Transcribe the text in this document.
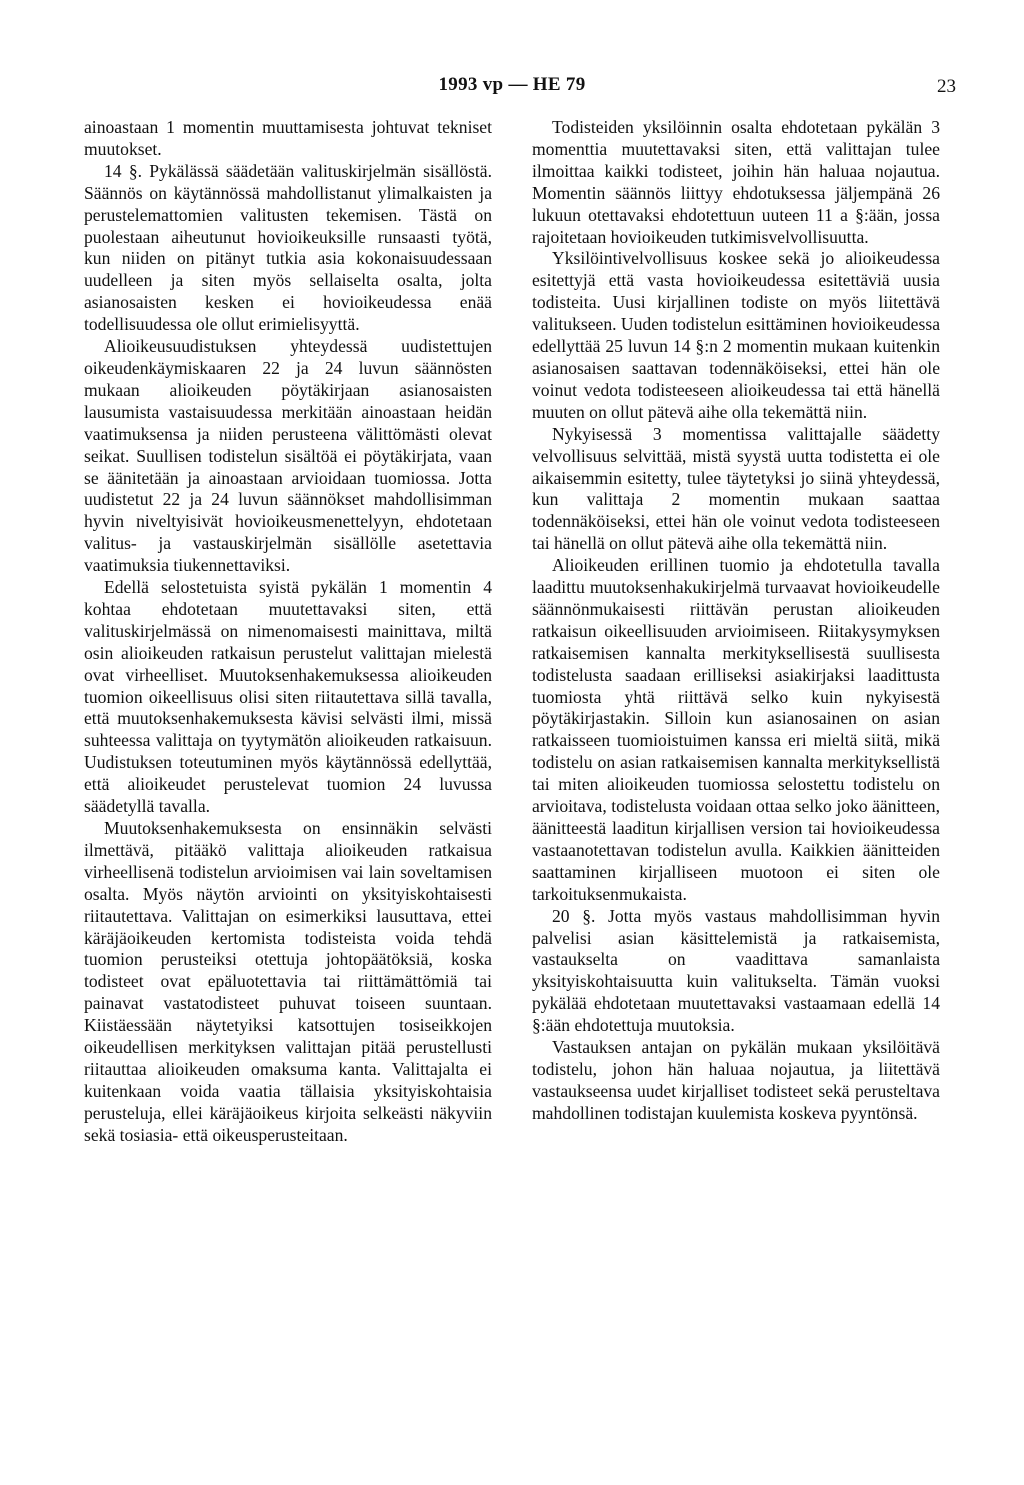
1993 vp — HE 79	23

ainoastaan 1 momentin muuttamisesta johtuvat tekniset muutokset.

14 §. Pykälässä säädetään valituskirjelmän sisällöstä. Säännös on käytännössä mahdollistanut ylimalkaisten ja perustelemattomien valitusten tekemisen. Tästä on puolestaan aiheutunut hovioikeuksille runsaasti työtä, kun niiden on pitänyt tutkia asia kokonaisuudessaan uudelleen ja siten myös sellaiselta osalta, jolta asianosaisten kesken ei hovioikeudessa enää todellisuudessa ole ollut erimielisyyttä.

Alioikeusuudistuksen yhteydessä uudistettujen oikeudenkäymiskaaren 22 ja 24 luvun säännösten mukaan alioikeuden pöytäkirjaan asianosaisten lausumista vastaisuudessa merkitään ainoastaan heidän vaatimuksensa ja niiden perusteena välittömästi olevat seikat. Suullisen todistelun sisältöä ei pöytäkirjata, vaan se äänitetään ja ainoastaan arvioidaan tuomiossa. Jotta uudistetut 22 ja 24 luvun säännökset mahdollisimman hyvin niveltyisivät hovioikeusmenettelyyn, ehdotetaan valitus- ja vastauskirjelmän sisällölle asetettavia vaatimuksia tiukennettaviksi.

Edellä selostetuista syistä pykälän 1 momentin 4 kohtaa ehdotetaan muutettavaksi siten, että valituskirjelmässä on nimenomaisesti mainittava, miltä osin alioikeuden ratkaisun perustelut valittajan mielestä ovat virheelliset. Muutoksenhakemuksessa alioikeuden tuomion oikeellisuus olisi siten riitautettava sillä tavalla, että muutoksenhakemuksesta kävisi selvästi ilmi, missä suhteessa valittaja on tyytymätön alioikeuden ratkaisuun. Uudistuksen toteutuminen myös käytännössä edellyttää, että alioikeudet perustelevat tuomion 24 luvussa säädetyllä tavalla.

Muutoksenhakemuksesta on ensinnäkin selvästi ilmettävä, pitääkö valittaja alioikeuden ratkaisua virheellisenä todistelun arvioimisen vai lain soveltamisen osalta. Myös näytön arviointi on yksityiskohtaisesti riitautettava. Valittajan on esimerkiksi lausuttava, ettei käräjäoikeuden kertomista todisteista voida tehdä tuomion perusteiksi otettuja johtopäätöksiä, koska todisteet ovat epäluotettavia tai riittämättömiä tai painavat vastatodisteet puhuvat toiseen suuntaan. Kiistäessään näytetyiksi katsottujen tosiseikkojen oikeudellisen merkityksen valittajan pitää perustellusti riitauttaa alioikeuden omaksuma kanta. Valittajalta ei kuitenkaan voida vaatia tällaisia yksityiskohtaisia perusteluja, ellei käräjäoikeus kirjoita selkeästi näkyviin sekä tosiasia- että oikeusperusteitaan.

Todisteiden yksilöinnin osalta ehdotetaan pykälän 3 momenttia muutettavaksi siten, että valittajan tulee ilmoittaa kaikki todisteet, joihin hän haluaa nojautua. Momentin säännös liittyy ehdotuksessa jäljempänä 26 lukuun otettavaksi ehdotettuun uuteen 11 a §:ään, jossa rajoitetaan hovioikeuden tutkimisvelvollisuutta.

Yksilöintivelvollisuus koskee sekä jo alioikeudessa esitettyjä että vasta hovioikeudessa esitettäviä uusia todisteita. Uusi kirjallinen todiste on myös liitettävä valitukseen. Uuden todistelun esittäminen hovioikeudessa edellyttää 25 luvun 14 §:n 2 momentin mukaan kuitenkin asianosaisen saattavan todennäköiseksi, ettei hän ole voinut vedota todisteeseen alioikeudessa tai että hänellä muuten on ollut pätevä aihe olla tekemättä niin.

Nykyisessä 3 momentissa valittajalle säädetty velvollisuus selvittää, mistä syystä uutta todistetta ei ole aikaisemmin esitetty, tulee täytetyksi jo siinä yhteydessä, kun valittaja 2 momentin mukaan saattaa todennäköiseksi, ettei hän ole voinut vedota todisteeseen tai hänellä on ollut pätevä aihe olla tekemättä niin.

Alioikeuden erillinen tuomio ja ehdotetulla tavalla laadittu muutoksenhakukirjelmä turvaavat hovioikeudelle säännönmukaisesti riittävän perustan alioikeuden ratkaisun oikeellisuuden arvioimiseen. Riitakysymyksen ratkaisemisen kannalta merkityksellisestä suullisesta todistelusta saadaan erilliseksi asiakirjaksi laadittusta tuomiosta yhtä riittävä selko kuin nykyisestä pöytäkirjastakin. Silloin kun asianosainen on asian ratkaisseen tuomioistuimen kanssa eri mieltä siitä, mikä todistelu on asian ratkaisemisen kannalta merkityksellistä tai miten alioikeuden tuomiossa selostettu todistelu on arvioitava, todistelusta voidaan ottaa selko joko äänitteen, äänitteestä laaditun kirjallisen version tai hovioikeudessa vastaanotettavan todistelun avulla. Kaikkien äänitteiden saattaminen kirjalliseen muotoon ei siten ole tarkoituksenmukaista.

20 §. Jotta myös vastaus mahdollisimman hyvin palvelisi asian käsittelemistä ja ratkaisemista, vastaukselta on vaadittava samanlaista yksityiskohtaisuutta kuin valitukselta. Tämän vuoksi pykälää ehdotetaan muutettavaksi vastaamaan edellä 14 §:ään ehdotettuja muutoksia.

Vastauksen antajan on pykälän mukaan yksilöitävä todistelu, johon hän haluaa nojautua, ja liitettävä vastaukseensa uudet kirjalliset todisteet sekä perusteltava mahdollinen todistajan kuulemista koskeva pyyntönsä.
